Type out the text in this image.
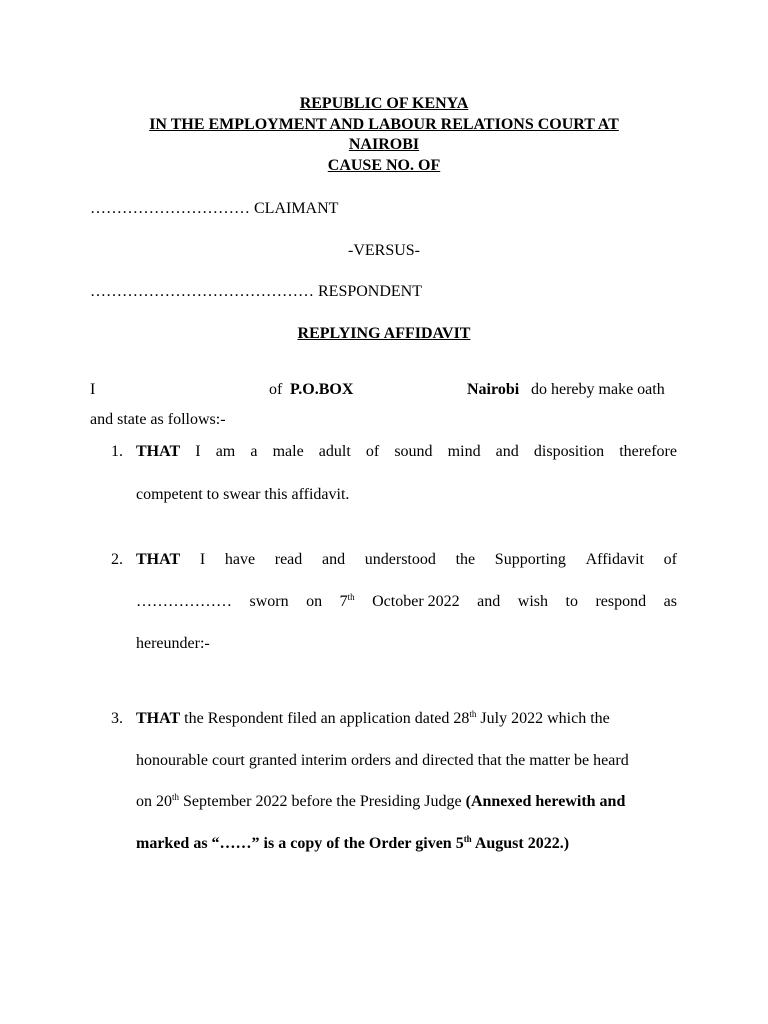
REPUBLIC OF KENYA
IN THE EMPLOYMENT AND LABOUR RELATIONS COURT AT
NAIROBI
CAUSE NO. OF
………………………… CLAIMANT
-VERSUS-
…………………………………… RESPONDENT
REPLYING AFFIDAVIT
I	of P.O.BOX	Nairobi do hereby make oath
and state as follows:-
1. THAT I am a male adult of sound mind and disposition therefore
competent to swear this affidavit.
2. THAT I have read and understood the Supporting Affidavit of
……………… sworn on 7th October 2022 and wish to respond as
hereunder:-
3. THAT the Respondent filed an application dated 28th July 2022 which the
honourable court granted interim orders and directed that the matter be heard
on 20th September 2022 before the Presiding Judge (Annexed herewith and
marked as “……” is a copy of the Order given 5th August 2022.)
